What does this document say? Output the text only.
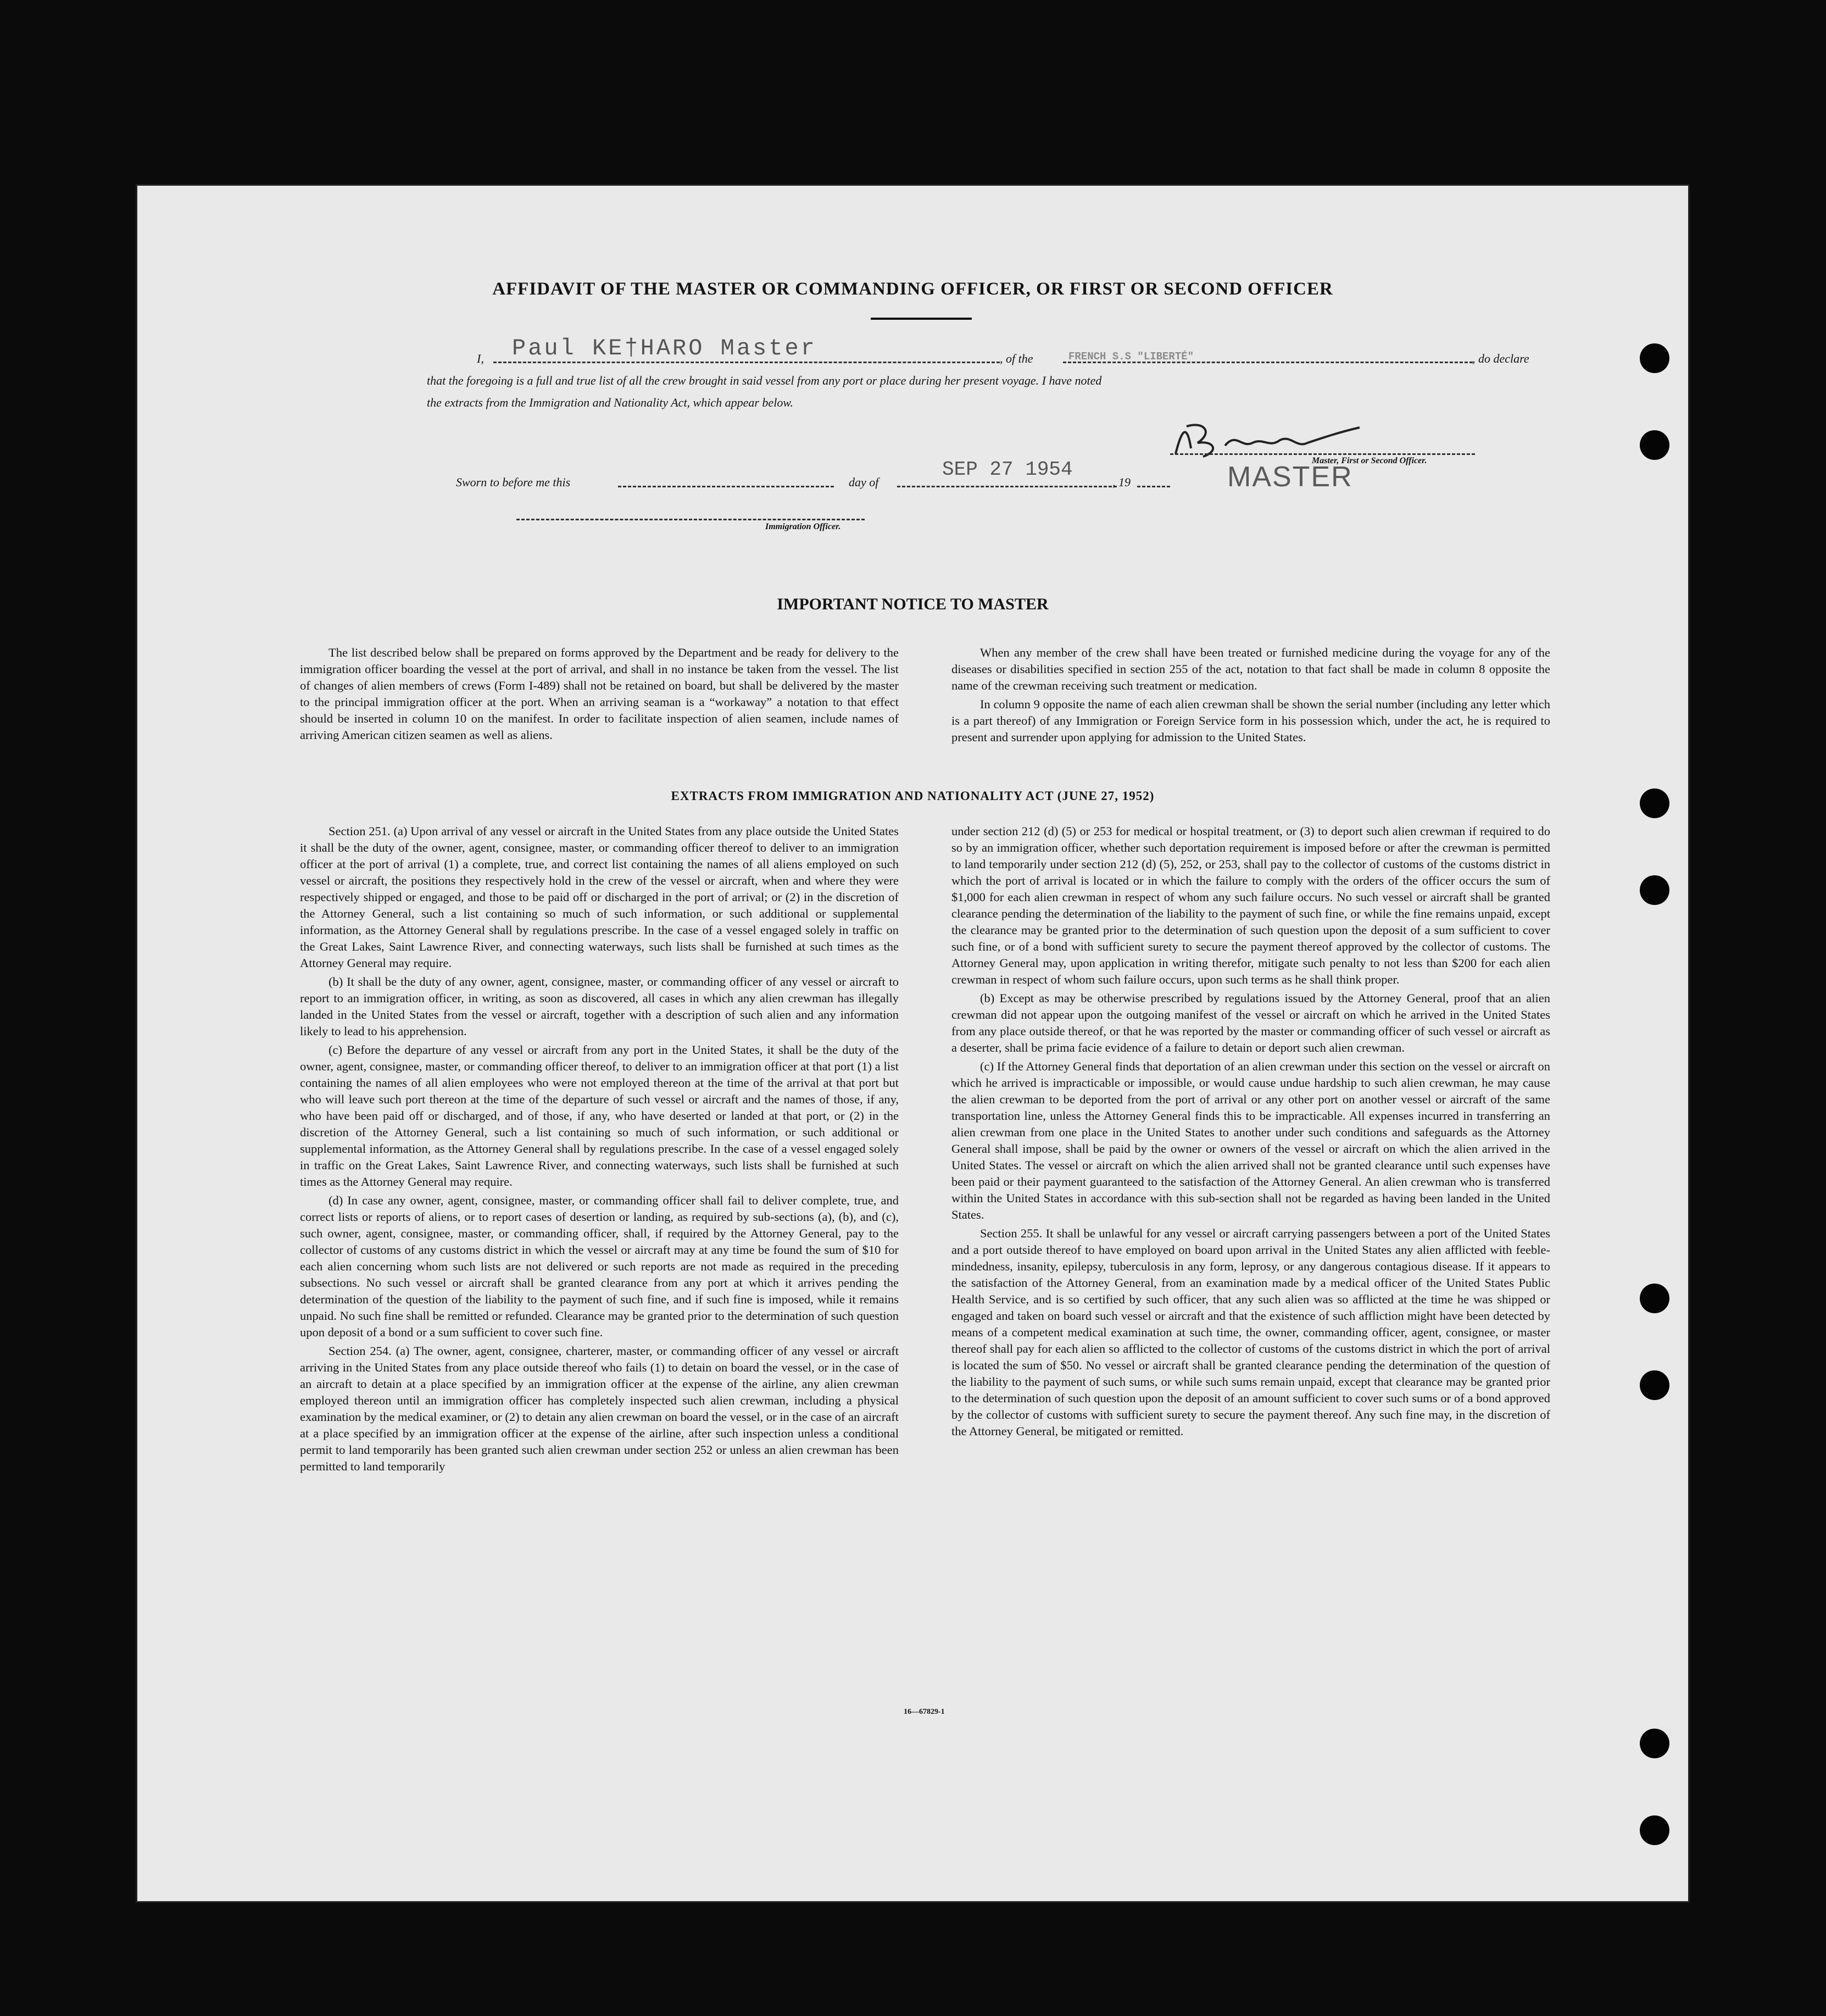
AFFIDAVIT OF THE MASTER OR COMMANDING OFFICER, OR FIRST OR SECOND OFFICER
I, Paul KE†HARO Master	, of the	FRENCH S.S "LIBERTÉ"	, do declare
that the foregoing is a full and true list of all the crew brought in said vessel from any port or place during her present voyage. I have noted
the extracts from the Immigration and Nationality Act, which appear below.
Master, First or Second Officer.
Sworn to before me this	day of
SEP 27 1954
, 19	MASTER
Immigration Officer.
IMPORTANT NOTICE TO MASTER

The list described below shall be prepared on forms approved by the Department and be ready for delivery to the immigration officer boarding the vessel at the port of arrival, and shall in no instance be taken from the vessel. The list of changes of alien members of crews (Form I-489) shall not be retained on board, but shall be delivered by the master to the principal immigration officer at the port. When an arriving seaman is a “workaway” a notation to that effect should be inserted in column 10 on the manifest. In order to facilitate inspection of alien seamen, include names of arriving American citizen seamen as well as aliens.

When any member of the crew shall have been treated or furnished medicine during the voyage for any of the diseases or disabilities specified in section 255 of the act, notation to that fact shall be made in column 8 opposite the name of the crewman receiving such treatment or medication.

In column 9 opposite the name of each alien crewman shall be shown the serial number (including any letter which is a part thereof) of any Immigration or Foreign Service form in his possession which, under the act, he is required to present and surrender upon applying for admission to the United States.

EXTRACTS FROM IMMIGRATION AND NATIONALITY ACT (JUNE 27, 1952)

Section 251. (a) Upon arrival of any vessel or aircraft in the United States from any place outside the United States it shall be the duty of the owner, agent, consignee, master, or commanding officer thereof to deliver to an immigration officer at the port of arrival (1) a complete, true, and correct list containing the names of all aliens employed on such vessel or aircraft, the positions they respectively hold in the crew of the vessel or aircraft, when and where they were respectively shipped or engaged, and those to be paid off or discharged in the port of arrival; or (2) in the discretion of the Attorney General, such a list containing so much of such information, or such additional or supplemental information, as the Attorney General shall by regulations prescribe. In the case of a vessel engaged solely in traffic on the Great Lakes, Saint Lawrence River, and connecting waterways, such lists shall be furnished at such times as the Attorney General may require.

(b) It shall be the duty of any owner, agent, consignee, master, or commanding officer of any vessel or aircraft to report to an immigration officer, in writing, as soon as discovered, all cases in which any alien crewman has illegally landed in the United States from the vessel or aircraft, together with a description of such alien and any information likely to lead to his apprehension.

(c) Before the departure of any vessel or aircraft from any port in the United States, it shall be the duty of the owner, agent, consignee, master, or commanding officer thereof, to deliver to an immigration officer at that port (1) a list containing the names of all alien employees who were not employed thereon at the time of the arrival at that port but who will leave such port thereon at the time of the departure of such vessel or aircraft and the names of those, if any, who have been paid off or discharged, and of those, if any, who have deserted or landed at that port, or (2) in the discretion of the Attorney General, such a list containing so much of such information, or such additional or supplemental information, as the Attorney General shall by regulations prescribe. In the case of a vessel engaged solely in traffic on the Great Lakes, Saint Lawrence River, and connecting waterways, such lists shall be furnished at such times as the Attorney General may require.

(d) In case any owner, agent, consignee, master, or commanding officer shall fail to deliver complete, true, and correct lists or reports of aliens, or to report cases of desertion or landing, as required by sub-sections (a), (b), and (c), such owner, agent, consignee, master, or commanding officer, shall, if required by the Attorney General, pay to the collector of customs of any customs district in which the vessel or aircraft may at any time be found the sum of $10 for each alien concerning whom such lists are not delivered or such reports are not made as required in the preceding subsections. No such vessel or aircraft shall be granted clearance from any port at which it arrives pending the determination of the question of the liability to the payment of such fine, and if such fine is imposed, while it remains unpaid. No such fine shall be remitted or refunded. Clearance may be granted prior to the determination of such question upon deposit of a bond or a sum sufficient to cover such fine.

Section 254. (a) The owner, agent, consignee, charterer, master, or commanding officer of any vessel or aircraft arriving in the United States from any place outside thereof who fails (1) to detain on board the vessel, or in the case of an aircraft to detain at a place specified by an immigration officer at the expense of the airline, any alien crewman employed thereon until an immigration officer has completely inspected such alien crewman, including a physical examination by the medical examiner, or (2) to detain any alien crewman on board the vessel, or in the case of an aircraft at a place specified by an immigration officer at the expense of the airline, after such inspection unless a conditional permit to land temporarily has been granted such alien crewman under section 252 or unless an alien crewman has been permitted to land temporarily

under section 212 (d) (5) or 253 for medical or hospital treatment, or (3) to deport such alien crewman if required to do so by an immigration officer, whether such deportation requirement is imposed before or after the crewman is permitted to land temporarily under section 212 (d) (5), 252, or 253, shall pay to the collector of customs of the customs district in which the port of arrival is located or in which the failure to comply with the orders of the officer occurs the sum of $1,000 for each alien crewman in respect of whom any such failure occurs. No such vessel or aircraft shall be granted clearance pending the determination of the liability to the payment of such fine, or while the fine remains unpaid, except the clearance may be granted prior to the determination of such question upon the deposit of a sum sufficient to cover such fine, or of a bond with sufficient surety to secure the payment thereof approved by the collector of customs. The Attorney General may, upon application in writing therefor, mitigate such penalty to not less than $200 for each alien crewman in respect of whom such failure occurs, upon such terms as he shall think proper.

(b) Except as may be otherwise prescribed by regulations issued by the Attorney General, proof that an alien crewman did not appear upon the outgoing manifest of the vessel or aircraft on which he arrived in the United States from any place outside thereof, or that he was reported by the master or commanding officer of such vessel or aircraft as a deserter, shall be prima facie evidence of a failure to detain or deport such alien crewman.

(c) If the Attorney General finds that deportation of an alien crewman under this section on the vessel or aircraft on which he arrived is impracticable or impossible, or would cause undue hardship to such alien crewman, he may cause the alien crewman to be deported from the port of arrival or any other port on another vessel or aircraft of the same transportation line, unless the Attorney General finds this to be impracticable. All expenses incurred in transferring an alien crewman from one place in the United States to another under such conditions and safeguards as the Attorney General shall impose, shall be paid by the owner or owners of the vessel or aircraft on which the alien arrived in the United States. The vessel or aircraft on which the alien arrived shall not be granted clearance until such expenses have been paid or their payment guaranteed to the satisfaction of the Attorney General. An alien crewman who is transferred within the United States in accordance with this sub-section shall not be regarded as having been landed in the United States.

Section 255. It shall be unlawful for any vessel or aircraft carrying passengers between a port of the United States and a port outside thereof to have employed on board upon arrival in the United States any alien afflicted with feeble-mindedness, insanity, epilepsy, tuberculosis in any form, leprosy, or any dangerous contagious disease. If it appears to the satisfaction of the Attorney General, from an examination made by a medical officer of the United States Public Health Service, and is so certified by such officer, that any such alien was so afflicted at the time he was shipped or engaged and taken on board such vessel or aircraft and that the existence of such affliction might have been detected by means of a competent medical examination at such time, the owner, commanding officer, agent, consignee, or master thereof shall pay for each alien so afflicted to the collector of customs of the customs district in which the port of arrival is located the sum of $50. No vessel or aircraft shall be granted clearance pending the determination of the question of the liability to the payment of such sums, or while such sums remain unpaid, except that clearance may be granted prior to the determination of such question upon the deposit of an amount sufficient to cover such sums or of a bond approved by the collector of customs with sufficient surety to secure the payment thereof. Any such fine may, in the discretion of the Attorney General, be mitigated or remitted.

16—67829-1
